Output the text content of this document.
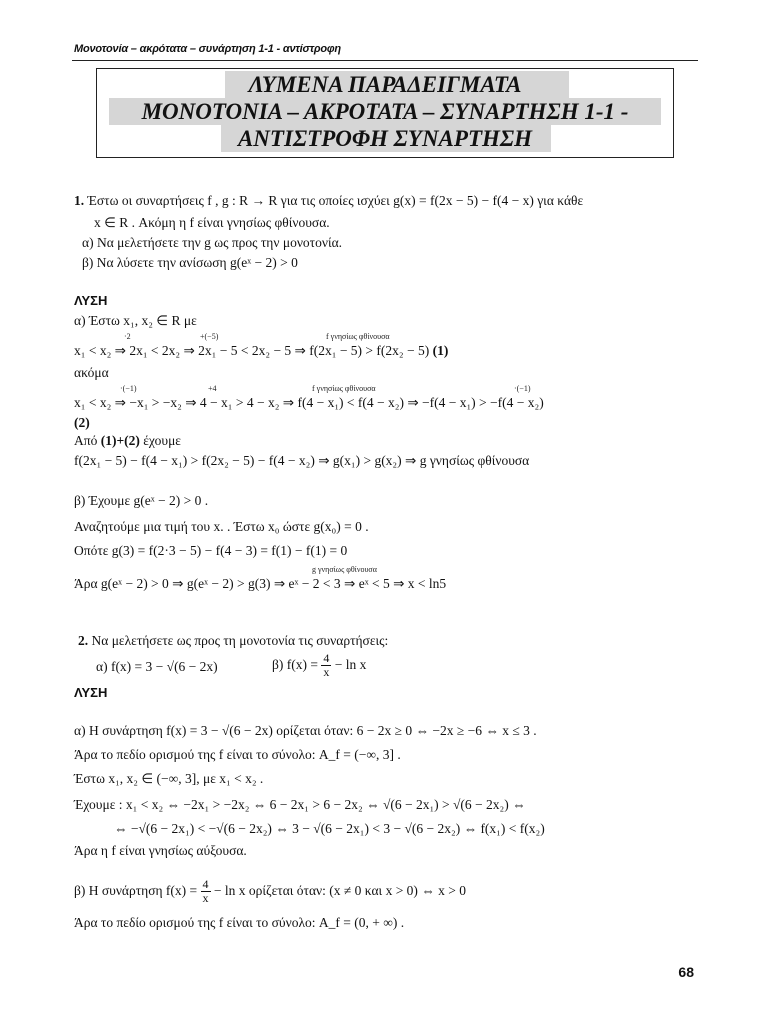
Μονοτονία – ακρότατα – συνάρτηση 1-1 - αντίστροφη
ΛΥΜΕΝΑ ΠΑΡΑΔΕΙΓΜΑΤΑ
ΜΟΝΟΤΟΝΙΑ – ΑΚΡΟΤΑΤΑ – ΣΥΝΑΡΤΗΣΗ 1-1 -
ΑΝΤΙΣΤΡΟΦΗ ΣΥΝΑΡΤΗΣΗ
1. Έστω οι συναρτήσεις f , g : R → R για τις οποίες ισχύει g(x) = f(2x − 5) − f(4 − x) για κάθε
x ∈ R . Ακόμη η f είναι γνησίως φθίνουσα.
α) Να μελετήσετε την g ως προς την μονοτονία.
β) Να λύσετε την ανίσωση g(eˣ − 2) > 0
ΛΥΣΗ
α) Έστω x₁, x₂ ∈ R με
·2	+(−5)	f γνησίως φθίνουσα
x₁ < x₂ ⇒ 2x₁ < 2x₂ ⇒ 2x₁ − 5 < 2x₂ − 5 ⇒ f(2x₁ − 5) > f(2x₂ − 5) (1)
ακόμα
·(−1)	+4	f γνησίως φθίνουσα	·(−1)
x₁ < x₂ ⇒ −x₁ > −x₂ ⇒ 4 − x₁ > 4 − x₂ ⇒ f(4 − x₁) < f(4 − x₂) ⇒ −f(4 − x₁) > −f(4 − x₂)
(2)
Από (1)+(2) έχουμε
f(2x₁ − 5) − f(4 − x₁) > f(2x₂ − 5) − f(4 − x₂) ⇒ g(x₁) > g(x₂) ⇒ g γνησίως φθίνουσα
β) Έχουμε g(eˣ − 2) > 0 .
Αναζητούμε μια τιμή του x. . Έστω x₀ ώστε g(x₀) = 0 .
Οπότε g(3) = f(2·3 − 5) − f(4 − 3) = f(1) − f(1) = 0
g γνησίως φθίνουσα
Άρα g(eˣ − 2) > 0 ⇒ g(eˣ − 2) > g(3) ⇒ eˣ − 2 < 3 ⇒ eˣ < 5 ⇒ x < ln5
2. Να μελετήσετε ως προς τη μονοτονία τις συναρτήσεις:
α) f(x) = 3 − √(6 − 2x)	β) $f(x) = \frac{4}{x} - \ln x$
ΛΥΣΗ
α) Η συνάρτηση f(x) = 3 − √(6 − 2x) ορίζεται όταν: 6 − 2x ≥ 0 ⇔ −2x ≥ −6 ⇔ x ≤ 3 .
Άρα το πεδίο ορισμού της f είναι το σύνολο: A_f = (−∞, 3] .
Έστω x₁, x₂ ∈ (−∞, 3], με x₁ < x₂ .
Έχουμε : x₁ < x₂ ⇔ −2x₁ > −2x₂ ⇔ 6 − 2x₁ > 6 − 2x₂ ⇔ √(6 − 2x₁) > √(6 − 2x₂) ⇔
⇔ −√(6 − 2x₁) < −√(6 − 2x₂) ⇔ 3 − √(6 − 2x₁) < 3 − √(6 − 2x₂) ⇔ f(x₁) < f(x₂)
Άρα η f είναι γνησίως αύξουσα.
β) Η συνάρτηση $f(x) = \frac{4}{x} - \ln x$ ορίζεται όταν: (x ≠ 0 και x > 0) ⇔ x > 0
Άρα το πεδίο ορισμού της f είναι το σύνολο: A_f = (0, + ∞) .
68
